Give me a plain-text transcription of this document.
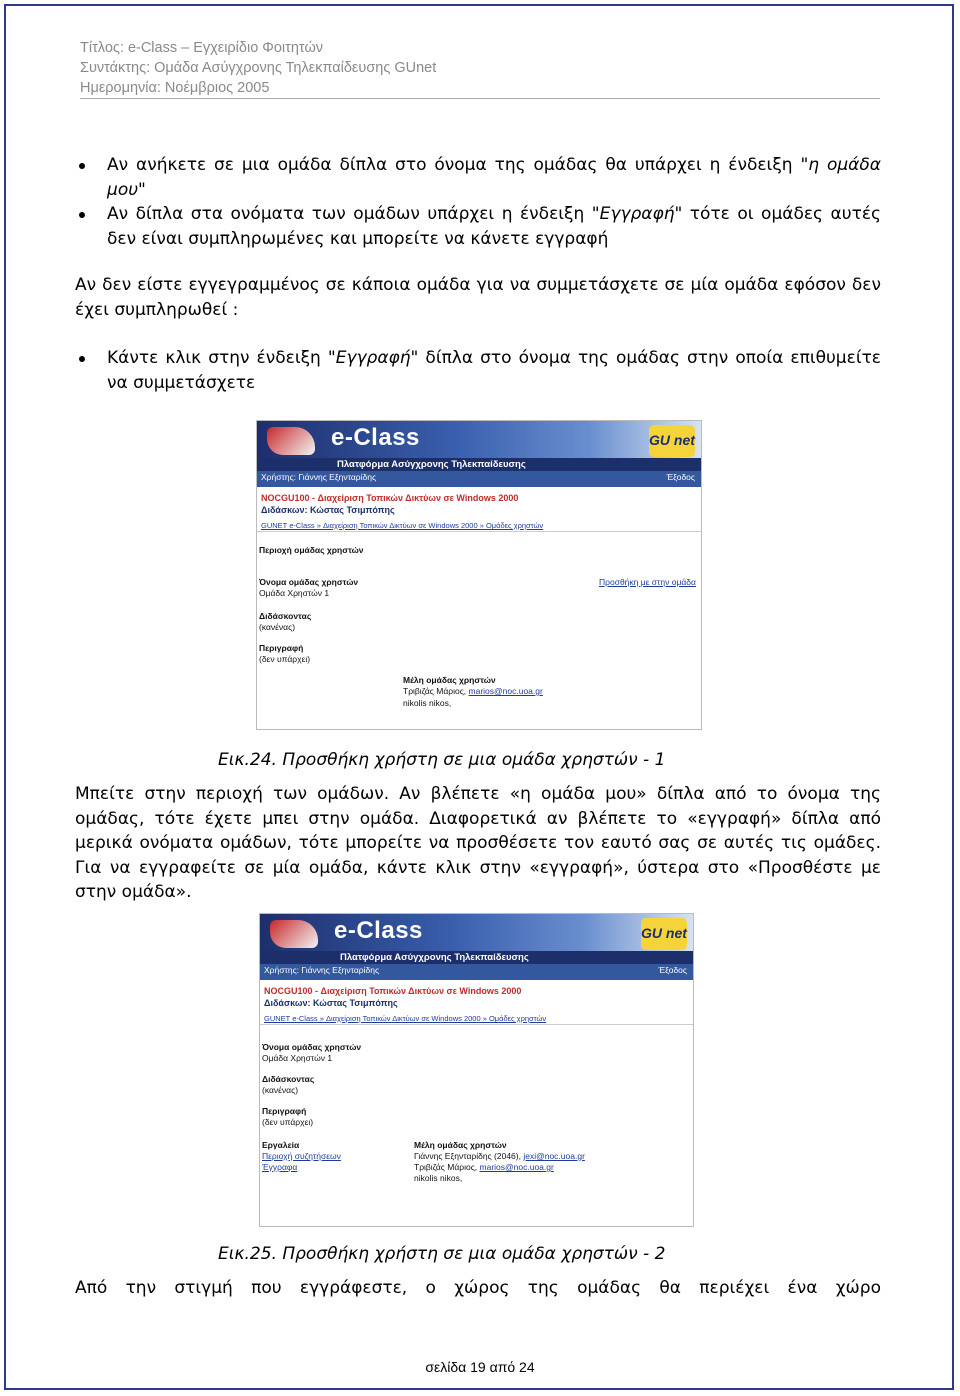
Τίτλος: e-Class – Εγχειρίδιο Φοιτητών
Συντάκτης: Ομάδα Ασύγχρονης Τηλεκπαίδευσης GUnet
Ημερομηνία: Νοέμβριος 2005
Αν ανήκετε σε μια ομάδα δίπλα στο όνομα της ομάδας θα υπάρχει η ένδειξη "η ομάδα μου"
Αν δίπλα στα ονόματα των ομάδων υπάρχει η ένδειξη "Εγγραφή" τότε οι ομάδες αυτές δεν είναι συμπληρωμένες και μπορείτε να κάνετε εγγραφή
Αν δεν είστε εγγεγραμμένος σε κάποια ομάδα για να συμμετάσχετε σε μία ομάδα εφόσον δεν έχει συμπληρωθεί :
Κάντε κλικ στην ένδειξη "Εγγραφή" δίπλα στο όνομα της ομάδας στην οποία επιθυμείτε να συμμετάσχετε
e-Class
Πλατφόρμα Ασύγχρονης Τηλεκπαίδευσης
GU net
Χρήστης: Γιάννης Εξηνταρίδης	Έξοδος
NOCGU100 - Διαχείριση Τοπικών Δικτύων σε Windows 2000
Διδάσκων: Κώστας Τσιμπόπης
GUNET e-Class » Διαχείριση Τοπικών Δικτύων σε Windows 2000 » Ομάδες χρηστών
Περιοχή ομάδας χρηστών
Όνομα ομάδας χρηστών
Ομάδα Χρηστών 1
Προσθήκη με στην ομάδα
Διδάσκοντας
(κανένας)
Περιγραφή
(δεν υπάρχει)
Μέλη ομάδας χρηστών
Τριβιζάς Μάριος, marios@noc.uoa.gr
nikolis nikos,
Εικ.24. Προσθήκη χρήστη σε μια ομάδα χρηστών - 1
Μπείτε στην περιοχή των ομάδων. Αν βλέπετε «η ομάδα μου» δίπλα από το όνομα της ομάδας, τότε έχετε μπει στην ομάδα. Διαφορετικά αν βλέπετε το «εγγραφή» δίπλα από μερικά ονόματα ομάδων, τότε μπορείτε να προσθέσετε τον εαυτό σας σε αυτές τις ομάδες. Για να εγγραφείτε σε μία ομάδα, κάντε κλικ στην «εγγραφή», ύστερα στο «Προσθέστε με στην ομάδα».
e-Class
Πλατφόρμα Ασύγχρονης Τηλεκπαίδευσης
GU net
Χρήστης: Γιάννης Εξηνταρίδης	Έξοδος
NOCGU100 - Διαχείριση Τοπικών Δικτύων σε Windows 2000
Διδάσκων: Κώστας Τσιμπόπης
GUNET e-Class » Διαχείριση Τοπικών Δικτύων σε Windows 2000 » Ομάδες χρηστών
Όνομα ομάδας χρηστών
Ομάδα Χρηστών 1
Διδάσκοντας
(κανένας)
Περιγραφή
(δεν υπάρχει)
Εργαλεία
Περιοχή συζητήσεων
Έγγραφα
Μέλη ομάδας χρηστών
Γιάννης Εξηνταρίδης (2046), jexi@noc.uoa.gr
Τριβιζάς Μάριος, marios@noc.uoa.gr
nikolis nikos,
Εικ.25. Προσθήκη χρήστη σε μια ομάδα χρηστών - 2
Από την στιγμή που εγγράφεστε, ο χώρος της ομάδας θα περιέχει ένα χώρο
σελίδα 19 από 24
